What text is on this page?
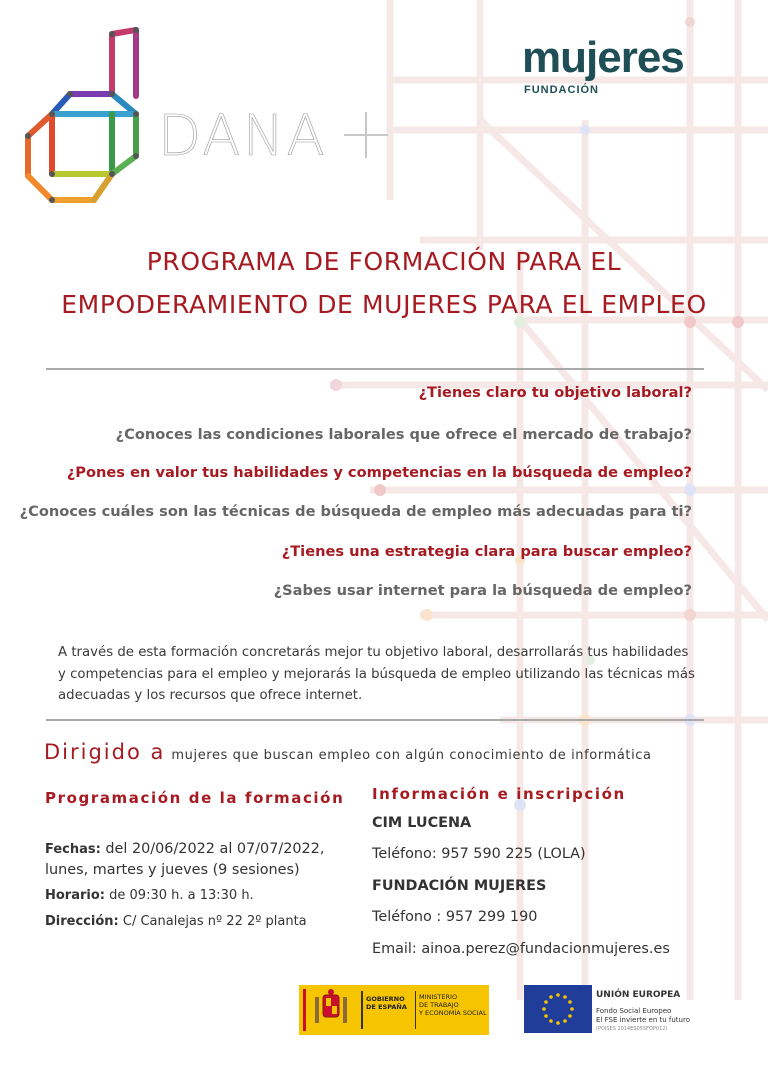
DANA
mujeres
FUNDACIÓN
PROGRAMA DE FORMACIÓN PARA EL
EMPODERAMIENTO DE MUJERES PARA EL EMPLEO
¿Tienes claro tu objetivo laboral?
¿Conoces las condiciones laborales que ofrece el mercado de trabajo?
¿Pones en valor tus habilidades y competencias en la búsqueda de empleo?
¿Conoces cuáles son las técnicas de búsqueda de empleo más adecuadas para ti?
¿Tienes una estrategia clara para buscar empleo?
¿Sabes usar internet para la búsqueda de empleo?
A través de esta formación concretarás mejor tu objetivo laboral, desarrollarás tus habilidades y competencias para el empleo y mejorarás la búsqueda de empleo utilizando las técnicas más adecuadas y los recursos que ofrece internet.
Dirigido a mujeres que buscan empleo con algún conocimiento de informática
Programación de la formación
Fechas: del 20/06/2022 al 07/07/2022,
lunes, martes y jueves (9 sesiones)
Horario: de 09:30 h. a 13:30 h.
Dirección: C/ Canalejas nº 22 2º planta
Información e inscripción
CIM LUCENA
Teléfono: 957 590 225 (LOLA)
FUNDACIÓN MUJERES
Teléfono : 957 299 190
Email: ainoa.perez@fundacionmujeres.es
GOBIERNO
DE ESPAÑA
MINISTERIO
DE TRABAJO
Y ECONOMÍA SOCIAL
UNIÓN EUROPEA
Fondo Social Europeo
El FSE invierte en tu futuro
(POISES 2014ES05SFOP012)
